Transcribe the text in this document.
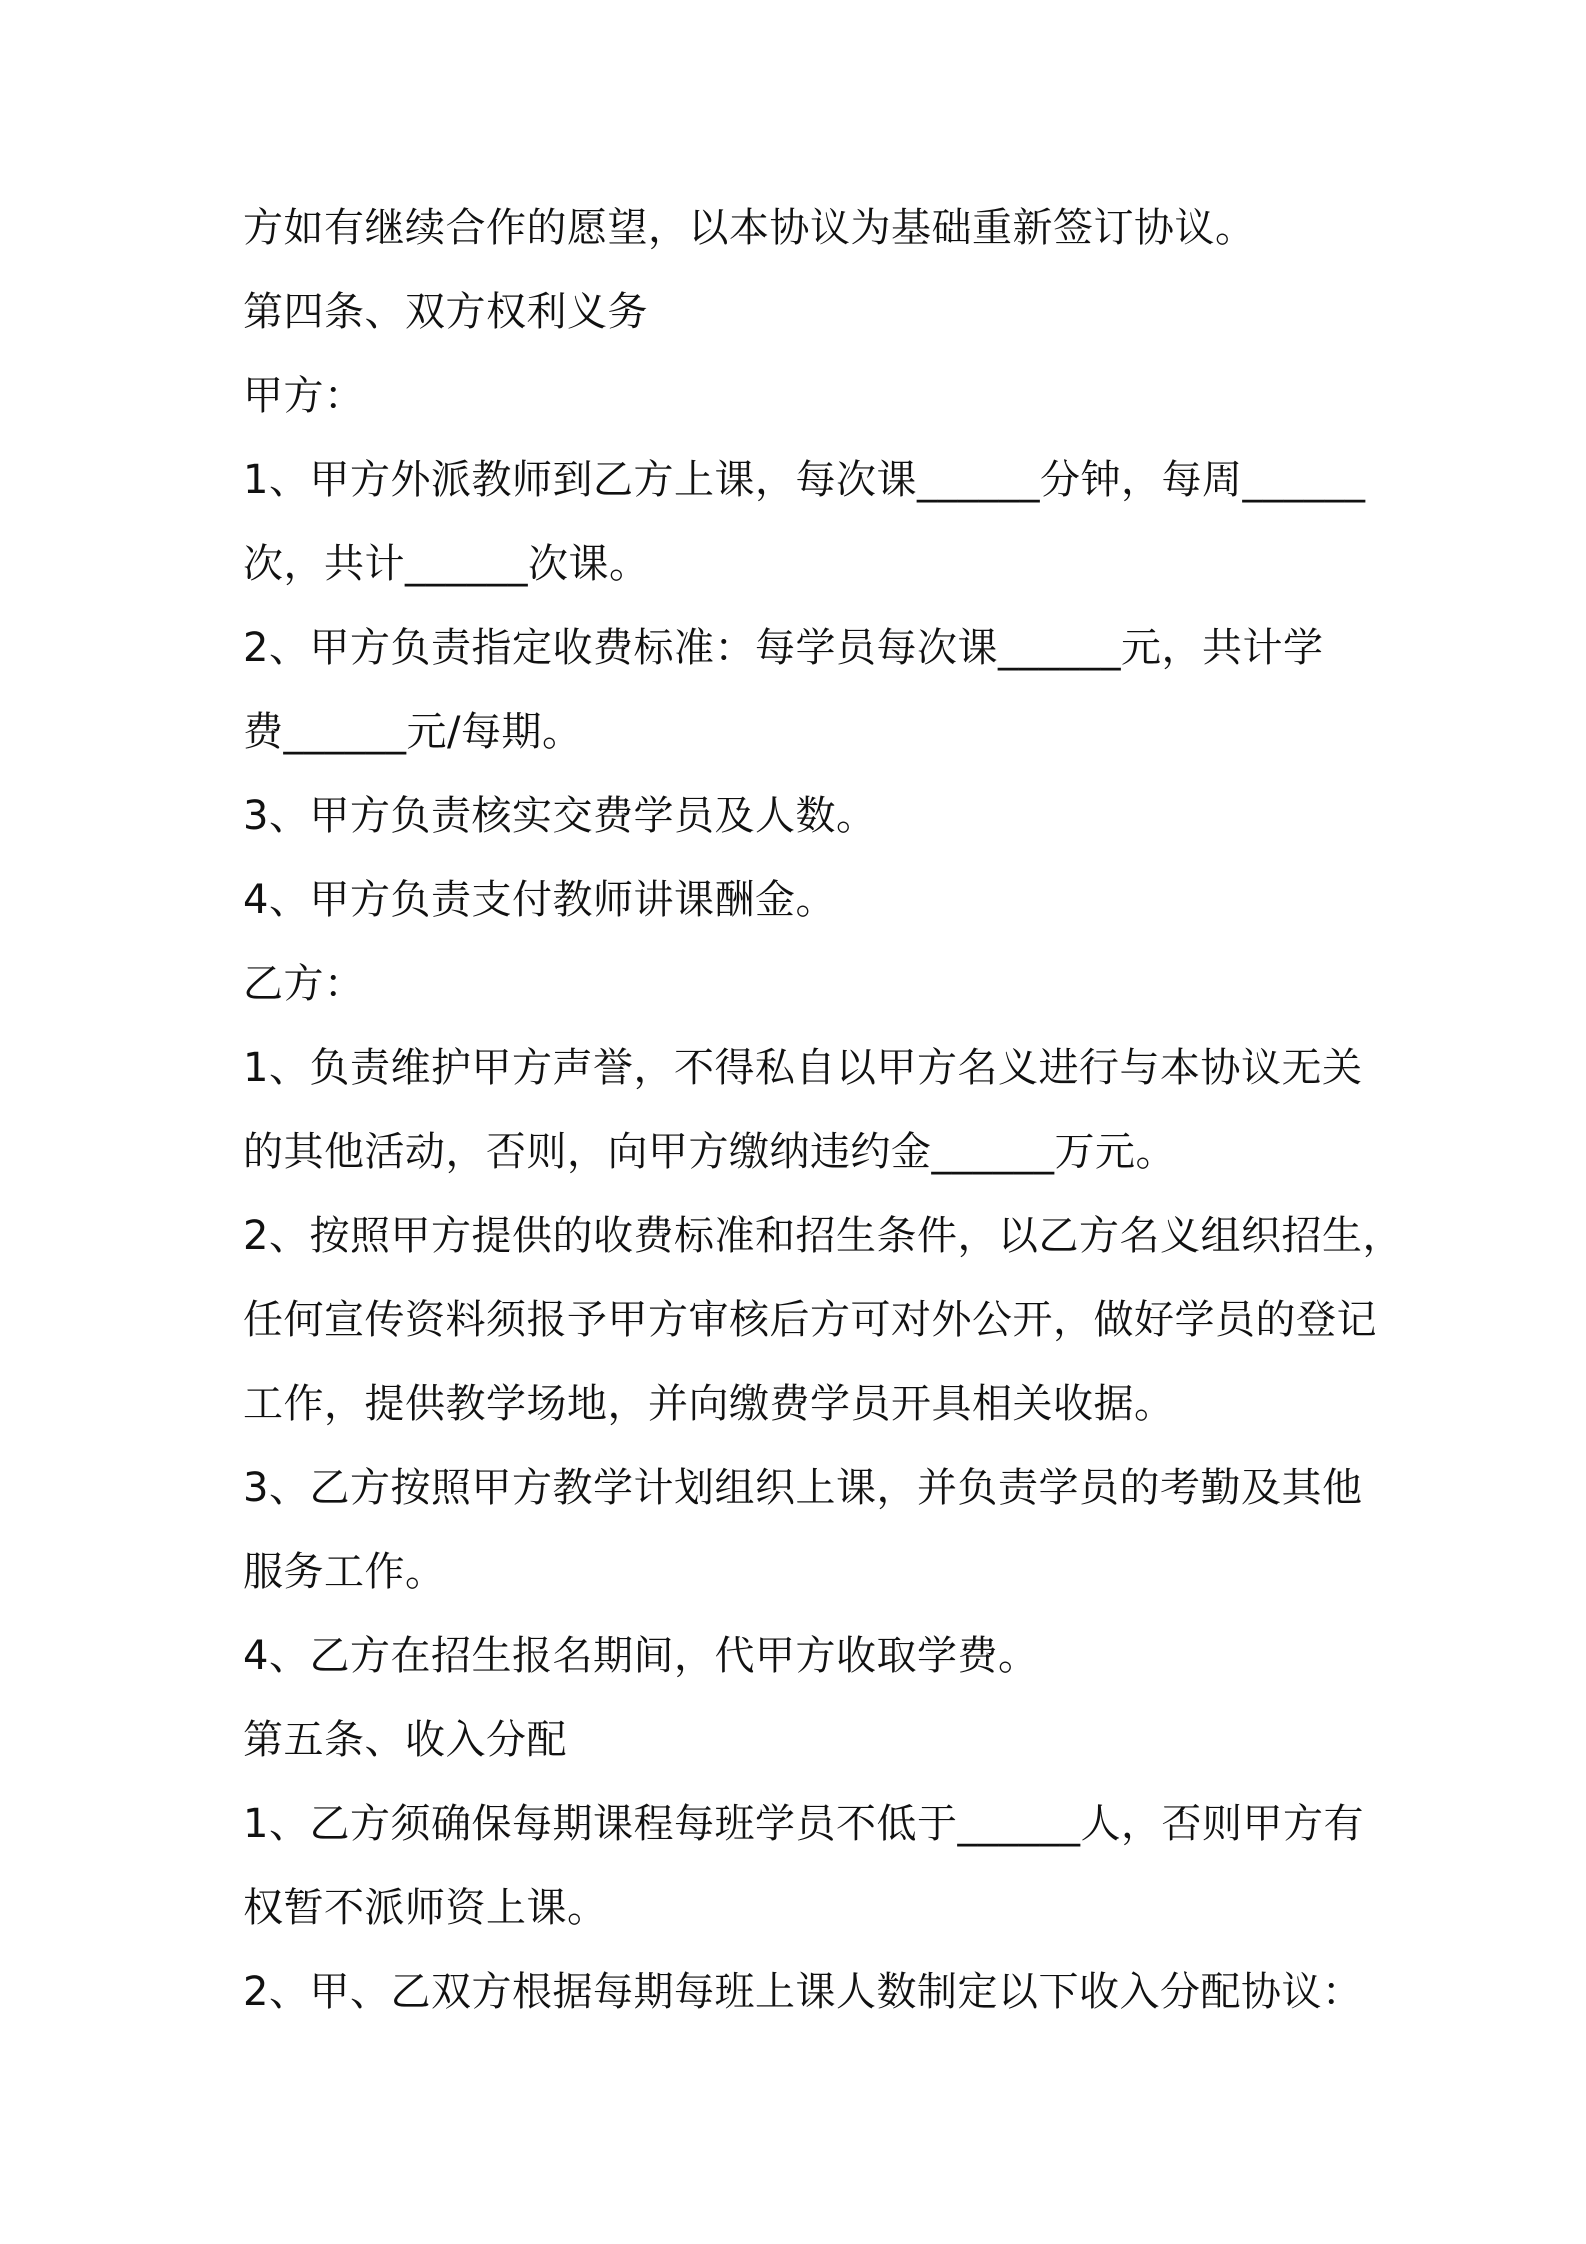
方如有继续合作的愿望，以本协议为基础重新签订协议。
第四条、双方权利义务
甲方：
1、甲方外派教师到乙方上课，每次课______分钟，每周______
次，共计______次课。
2、甲方负责指定收费标准：每学员每次课______元，共计学
费______元/每期。
3、甲方负责核实交费学员及人数。
4、甲方负责支付教师讲课酬金。
乙方：
1、负责维护甲方声誉，不得私自以甲方名义进行与本协议无关
的其他活动，否则，向甲方缴纳违约金______万元。
2、按照甲方提供的收费标准和招生条件，以乙方名义组织招生，
任何宣传资料须报予甲方审核后方可对外公开，做好学员的登记
工作，提供教学场地，并向缴费学员开具相关收据。
3、乙方按照甲方教学计划组织上课，并负责学员的考勤及其他
服务工作。
4、乙方在招生报名期间，代甲方收取学费。
第五条、收入分配
1、乙方须确保每期课程每班学员不低于______人，否则甲方有
权暂不派师资上课。
2、甲、乙双方根据每期每班上课人数制定以下收入分配协议：
